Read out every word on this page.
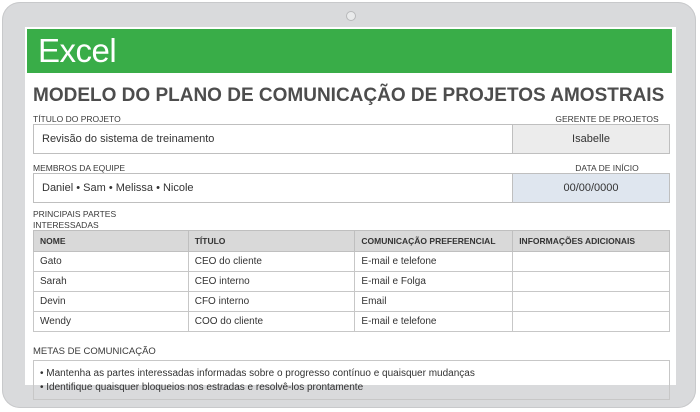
Excel
MODELO DO PLANO DE COMUNICAÇÃO DE PROJETOS AMOSTRAIS
TÍTULO DO PROJETO	GERENTE DE PROJETOS
Revisão do sistema de treinamento	Isabelle
MEMBROS DA EQUIPE	DATA DE INÍCIO
Daniel • Sam • Melissa • Nicole	00/00/0000
PRINCIPAIS PARTES
INTERESSADAS
NOME	TÍTULO	COMUNICAÇÃO PREFERENCIAL	INFORMAÇÕES ADICIONAIS
Gato	CEO do cliente	E-mail e telefone	
Sarah	CEO interno	E-mail e Folga	
Devin	CFO interno	Email	
Wendy	COO do cliente	E-mail e telefone	
METAS DE COMUNICAÇÃO
• Mantenha as partes interessadas informadas sobre o progresso contínuo e quaisquer mudanças
• Identifique quaisquer bloqueios nos estradas e resolvê-los prontamente
